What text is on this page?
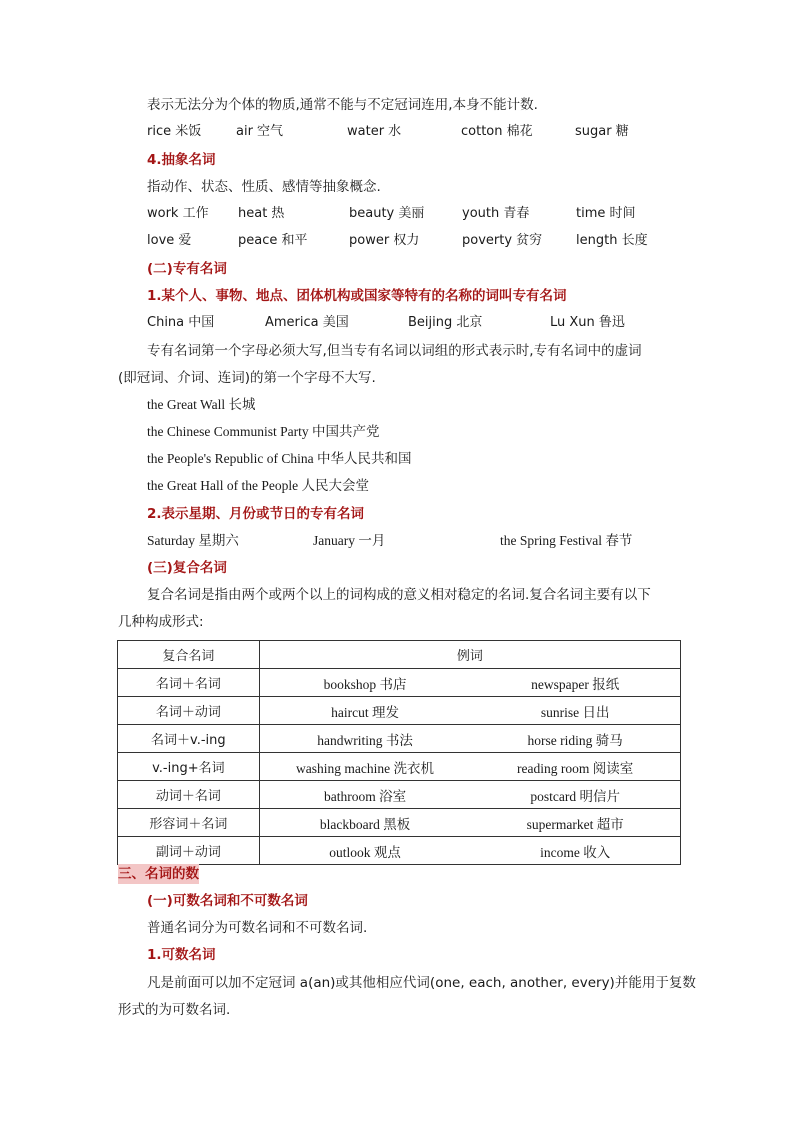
表示无法分为个体的物质,通常不能与不定冠词连用,本身不能计数.
rice 米饭	air 空气	water 水	cotton 棉花	sugar 糖
4.抽象名词
指动作、状态、性质、感情等抽象概念.
work 工作 heat 热	beauty 美丽	youth 青春	time 时间
love 爱	peace 和平	power 权力	poverty 贫穷	length 长度
(二)专有名词
1.某个人、事物、地点、团体机构或国家等特有的名称的词叫专有名词
China 中国	America 美国	Beijing 北京	Lu Xun 鲁迅
专有名词第一个字母必须大写,但当专有名词以词组的形式表示时,专有名词中的虚词
(即冠词、介词、连词)的第一个字母不大写.
the Great Wall 长城
the Chinese Communist Party 中国共产党
the People's Republic of China 中华人民共和国
the Great Hall of the People 人民大会堂
2.表示星期、月份或节日的专有名词
Saturday 星期六	January 一月	the Spring Festival 春节
(三)复合名词
复合名词是指由两个或两个以上的词构成的意义相对稳定的名词.复合名词主要有以下
几种构成形式:
复合名词	例词	
名词＋名词	bookshop 书店	newspaper 报纸
名词＋动词	haircut 理发	sunrise 日出
名词＋v.-ing	handwriting 书法	horse riding 骑马
v.-ing+名词	washing machine 洗衣机	reading room 阅读室
动词＋名词	bathroom 浴室	postcard 明信片
形容词＋名词	blackboard 黑板	supermarket 超市
副词＋动词	outlook 观点	income 收入
三、名词的数
(一)可数名词和不可数名词
普通名词分为可数名词和不可数名词.
1.可数名词
凡是前面可以加不定冠词 a(an)或其他相应代词(one, each, another, every)并能用于复数
形式的为可数名词.
